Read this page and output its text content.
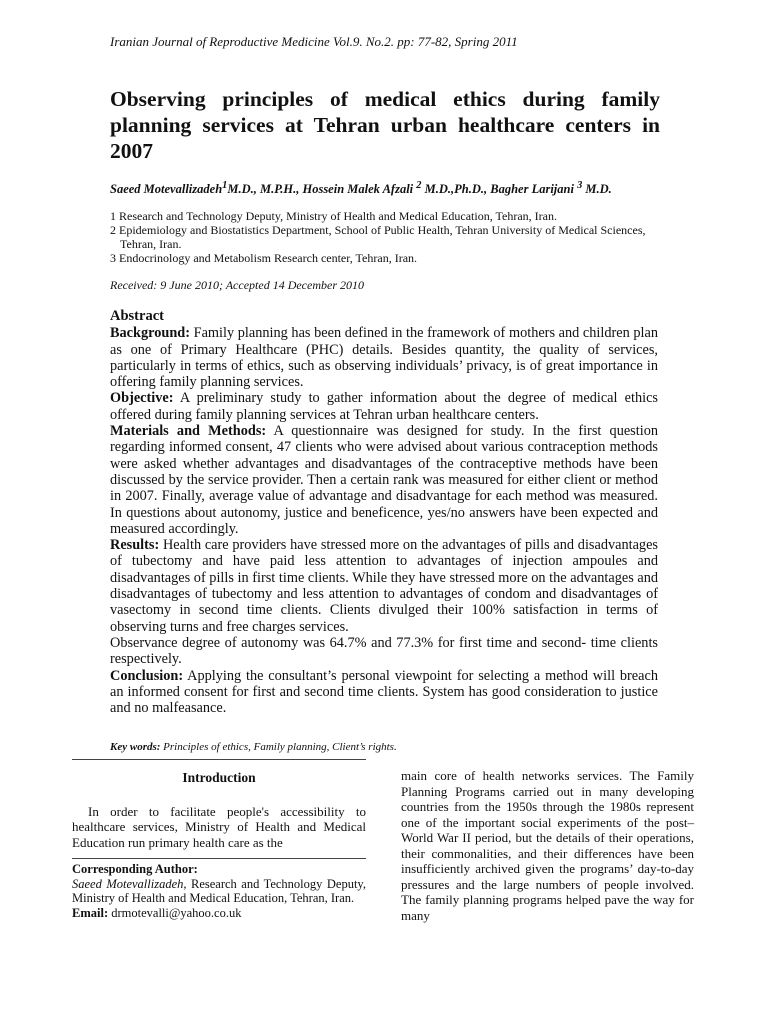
Iranian Journal of Reproductive Medicine Vol.9. No.2. pp: 77-82, Spring 2011
Observing principles of medical ethics during family planning services at Tehran urban healthcare centers in 2007
Saeed Motevallizadeh$^1$M.D., M.P.H., Hossein Malek Afzali $^2$ M.D.,Ph.D., Bagher Larijani $^3$ M.D.
1 Research and Technology Deputy, Ministry of Health and Medical Education, Tehran, Iran.
2 Epidemiology and Biostatistics Department, School of Public Health, Tehran University of Medical Sciences, Tehran, Iran.
3 Endocrinology and Metabolism Research center, Tehran, Iran.
Received: 9 June 2010; Accepted 14 December 2010
Abstract

Background: Family planning has been defined in the framework of mothers and children plan as one of Primary Healthcare (PHC) details. Besides quantity, the quality of services, particularly in terms of ethics, such as observing individuals’ privacy, is of great importance in offering family planning services.

Objective: A preliminary study to gather information about the degree of medical ethics offered during family planning services at Tehran urban healthcare centers.

Materials and Methods: A questionnaire was designed for study. In the first question regarding informed consent, 47 clients who were advised about various contraception methods were asked whether advantages and disadvantages of the contraceptive methods have been discussed by the service provider. Then a certain rank was measured for either client or method in 2007. Finally, average value of advantage and disadvantage for each method was measured. In questions about autonomy, justice and beneficence, yes/no answers have been expected and measured accordingly.

Results: Health care providers have stressed more on the advantages of pills and disadvantages of tubectomy and have paid less attention to advantages of injection ampoules and disadvantages of pills in first time clients. While they have stressed more on the advantages and disadvantages of tubectomy and less attention to advantages of condom and disadvantages of vasectomy in second time clients. Clients divulged their 100% satisfaction in terms of observing turns and free charges services.

Observance degree of autonomy was 64.7% and 77.3% for first time and second- time clients respectively.

Conclusion: Applying the consultant’s personal viewpoint for selecting a method will breach an informed consent for first and second time clients. System has good consideration to justice and no malfeasance.

Key words: Principles of ethics, Family planning, Client’s rights.
Introduction

In order to facilitate people's accessibility to healthcare services, Ministry of Health and Medical Education run primary health care as the

Corresponding Author:

Saeed Motevallizadeh, Research and Technology Deputy, Ministry of Health and Medical Education, Tehran, Iran.

Email: drmotevalli@yahoo.co.uk

main core of health networks services. The Family Planning Programs carried out in many developing countries from the 1950s through the 1980s represent one of the important social experiments of the post–World War II period, but the details of their operations, their commonalities, and their differences have been insufficiently archived given the programs’ day-to-day pressures and the large numbers of people involved. The family planning programs helped pave the way for many
